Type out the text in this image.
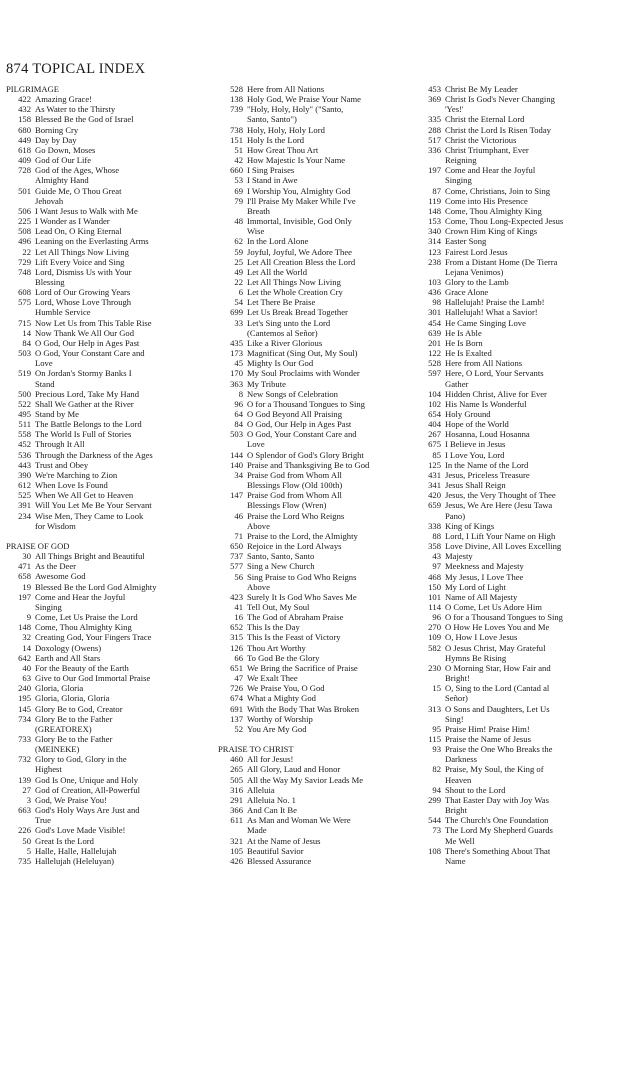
874 TOPICAL INDEX
PILGRIMAGE
422 Amazing Grace!
432 As Water to the Thirsty
158 Blessed Be the God of Israel
680 Borning Cry
449 Day by Day
618 Go Down, Moses
409 God of Our Life
728 God of the Ages, Whose
Almighty Hand
501 Guide Me, O Thou Great
Jehovah
506 I Want Jesus to Walk with Me
225 I Wonder as I Wander
508 Lead On, O King Eternal
496 Leaning on the Everlasting Arms
22 Let All Things Now Living
729 Lift Every Voice and Sing
748 Lord, Dismiss Us with Your
Blessing
608 Lord of Our Growing Years
575 Lord, Whose Love Through
Humble Service
715 Now Let Us from This Table Rise
14 Now Thank We All Our God
84 O God, Our Help in Ages Past
503 O God, Your Constant Care and
Love
519 On Jordan's Stormy Banks I
Stand
500 Precious Lord, Take My Hand
522 Shall We Gather at the River
495 Stand by Me
511 The Battle Belongs to the Lord
558 The World Is Full of Stories
452 Through It All
536 Through the Darkness of the Ages
443 Trust and Obey
390 We're Marching to Zion
612 When Love Is Found
525 When We All Get to Heaven
391 Will You Let Me Be Your Servant
234 Wise Men, They Came to Look
for Wisdom
PRAISE OF GOD
30 All Things Bright and Beautiful
471 As the Deer
658 Awesome God
19 Blessed Be the Lord God Almighty
197 Come and Hear the Joyful
Singing
9 Come, Let Us Praise the Lord
148 Come, Thou Almighty King
32 Creating God, Your Fingers Trace
14 Doxology (Owens)
642 Earth and All Stars
40 For the Beauty of the Earth
63 Give to Our God Immortal Praise
240 Gloria, Gloria
195 Gloria, Gloria, Gloria
145 Glory Be to God, Creator
734 Glory Be to the Father
(GREATOREX)
733 Glory Be to the Father
(MEINEKE)
732 Glory to God, Glory in the
Highest
139 God Is One, Unique and Holy
27 God of Creation, All-Powerful
3 God, We Praise You!
663 God's Holy Ways Are Just and
True
226 God's Love Made Visible!
50 Great Is the Lord
5 Halle, Halle, Hallelujah
735 Hallelujah (Heleluyan)
528 Here from All Nations
138 Holy God, We Praise Your Name
739 "Holy, Holy, Holy" ("Santo,
Santo, Santo")
738 Holy, Holy, Holy Lord
151 Holy Is the Lord
51 How Great Thou Art
42 How Majestic Is Your Name
660 I Sing Praises
53 I Stand in Awe
69 I Worship You, Almighty God
79 I'll Praise My Maker While I've
Breath
48 Immortal, Invisible, God Only
Wise
62 In the Lord Alone
59 Joyful, Joyful, We Adore Thee
25 Let All Creation Bless the Lord
49 Let All the World
22 Let All Things Now Living
6 Let the Whole Creation Cry
54 Let There Be Praise
699 Let Us Break Bread Together
33 Let's Sing unto the Lord
(Cantemos al Señor)
435 Like a River Glorious
173 Magnificat (Sing Out, My Soul)
45 Mighty Is Our God
170 My Soul Proclaims with Wonder
363 My Tribute
8 New Songs of Celebration
96 O for a Thousand Tongues to Sing
64 O God Beyond All Praising
84 O God, Our Help in Ages Past
503 O God, Your Constant Care and
Love
144 O Splendor of God's Glory Bright
140 Praise and Thanksgiving Be to God
34 Praise God from Whom All
Blessings Flow (Old 100th)
147 Praise God from Whom All
Blessings Flow (Wren)
46 Praise the Lord Who Reigns
Above
71 Praise to the Lord, the Almighty
650 Rejoice in the Lord Always
737 Santo, Santo, Santo
577 Sing a New Church
56 Sing Praise to God Who Reigns
Above
423 Surely It Is God Who Saves Me
41 Tell Out, My Soul
16 The God of Abraham Praise
652 This Is the Day
315 This Is the Feast of Victory
126 Thou Art Worthy
66 To God Be the Glory
651 We Bring the Sacrifice of Praise
47 We Exalt Thee
726 We Praise You, O God
674 What a Mighty God
691 With the Body That Was Broken
137 Worthy of Worship
52 You Are My God
PRAISE TO CHRIST
460 All for Jesus!
265 All Glory, Laud and Honor
505 All the Way My Savior Leads Me
316 Alleluia
291 Alleluia No. 1
366 And Can It Be
611 As Man and Woman We Were
Made
321 At the Name of Jesus
105 Beautiful Savior
426 Blessed Assurance
453 Christ Be My Leader
369 Christ Is God's Never Changing
'Yes!'
335 Christ the Eternal Lord
288 Christ the Lord Is Risen Today
517 Christ the Victorious
336 Christ Triumphant, Ever
Reigning
197 Come and Hear the Joyful
Singing
87 Come, Christians, Join to Sing
119 Come into His Presence
148 Come, Thou Almighty King
153 Come, Thou Long-Expected Jesus
340 Crown Him King of Kings
314 Easter Song
123 Fairest Lord Jesus
238 From a Distant Home (De Tierra
Lejana Venimos)
103 Glory to the Lamb
436 Grace Alone
98 Hallelujah! Praise the Lamb!
301 Hallelujah! What a Savior!
454 He Came Singing Love
639 He Is Able
201 He Is Born
122 He Is Exalted
528 Here from All Nations
597 Here, O Lord, Your Servants
Gather
104 Hidden Christ, Alive for Ever
102 His Name Is Wonderful
654 Holy Ground
404 Hope of the World
267 Hosanna, Loud Hosanna
675 I Believe in Jesus
85 I Love You, Lord
125 In the Name of the Lord
431 Jesus, Priceless Treasure
341 Jesus Shall Reign
420 Jesus, the Very Thought of Thee
659 Jesus, We Are Here (Jesu Tawa
Pano)
338 King of Kings
88 Lord, I Lift Your Name on High
358 Love Divine, All Loves Excelling
43 Majesty
97 Meekness and Majesty
468 My Jesus, I Love Thee
150 My Lord of Light
101 Name of All Majesty
114 O Come, Let Us Adore Him
96 O for a Thousand Tongues to Sing
270 O How He Loves You and Me
109 O, How I Love Jesus
582 O Jesus Christ, May Grateful
Hymns Be Rising
230 O Morning Star, How Fair and
Bright!
15 O, Sing to the Lord (Cantad al
Señor)
313 O Sons and Daughters, Let Us
Sing!
95 Praise Him! Praise Him!
115 Praise the Name of Jesus
93 Praise the One Who Breaks the
Darkness
82 Praise, My Soul, the King of
Heaven
94 Shout to the Lord
299 That Easter Day with Joy Was
Bright
544 The Church's One Foundation
73 The Lord My Shepherd Guards
Me Well
108 There's Something About That
Name
